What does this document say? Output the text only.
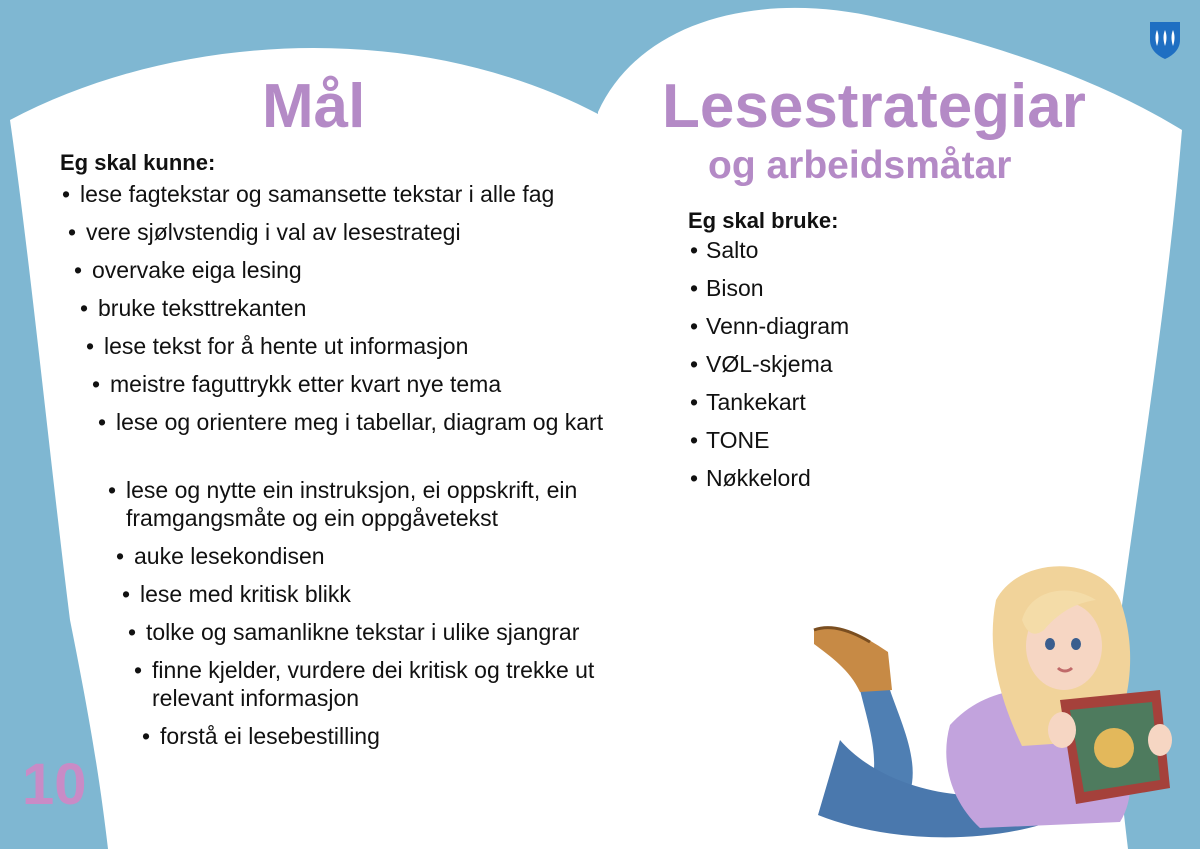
Mål
Eg skal kunne:
• lese fagtekstar og samansette tekstar i alle fag
• vere sjølvstendig i val av lesestrategi
• overvake eiga lesing
• bruke teksttrekanten
• lese tekst for å hente ut informasjon
• meistre faguttrykk etter kvart nye tema
• lese og orientere meg i tabellar, diagram og kart
• lese og nytte ein instruksjon, ei oppskrift, ein framgangsmåte og ein oppgåvetekst
• auke lesekondisen
• lese med kritisk blikk
• tolke og samanlikne tekstar i ulike sjangrar
• finne kjelder, vurdere dei kritisk og trekke ut relevant informasjon
• forstå ei lesebestilling
10
Lesestrategiar
og arbeidsmåtar
Eg skal bruke:
• Salto
• Bison
• Venn-diagram
• VØL-skjema
• Tankekart
• TONE
• Nøkkelord
